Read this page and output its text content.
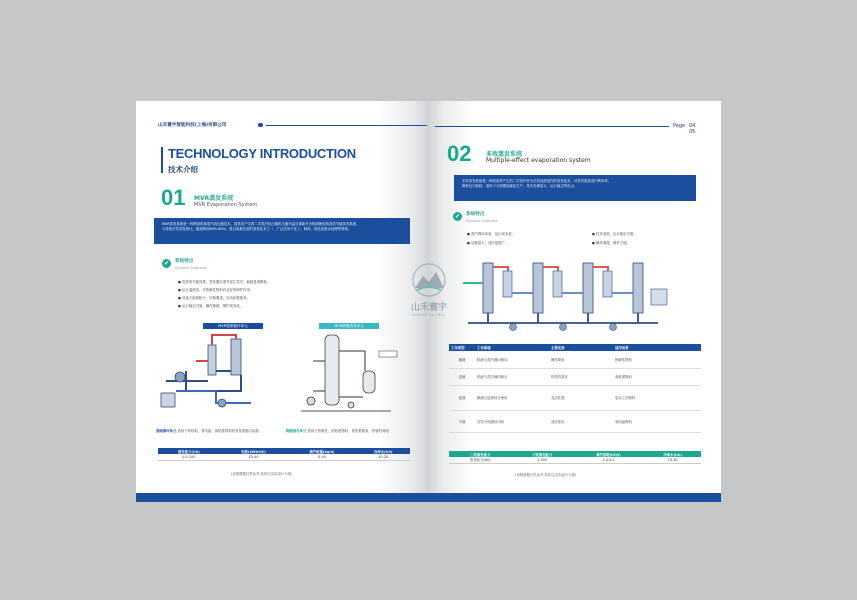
山禾寰宇智能科技(上海)有限公司
TECHNOLOGY INTRODUCTION
技术介绍
01 MVR蒸发系统
MVR Evaporation System
MVR蒸发系统是一种利用机械蒸汽再压缩技术，将蒸发产生的二次蒸汽经压缩机压缩升温后重新作为热源使用的高效节能蒸发系统，
与传统多效蒸发相比，能耗降低60%-80%，是目前最先进的蒸发技术之一，广泛应用于化工、制药、食品及废水处理等领域。
✔	系统特点
System Features
● 优异的节能效果，蒸发器无需外加生蒸汽，能耗显著降低；
● 运行温度低，对热敏性物料有良好的保护作用；
● 设备占地面积小，结构紧凑，自动化程度高；
● 运行稳定可靠，操作简便，维护成本低。
MVR强制循环单元	MVR降膜蒸发单元
强制循环单元 适用于易结垢、易结晶、高粘度物料的蒸发浓缩与结晶	降膜蒸发单元 适用于热敏性、低粘度物料，传热系数高，停留时间短
蒸发能力(t/h)	电耗(kWh/t水)	蒸汽耗量(kg/h)	冷却水(t/h)
0.5-100	15-40	0-50	10-20
(表格数据仅供参考,具体以实际设计为准)
Page 04
05
02 多效蒸发系统
Multiple-effect evaporation system
多效蒸发系统是一种将前效产生的二次蒸汽作为后效加热蒸汽的蒸发技术，可有效提高蒸汽利用率，
降低运行能耗，适用于大规模连续化生产，具有处理量大、运行稳定等优点。
✔	系统特点
System Features
● 蒸汽利用率高，运行成本低；
● 处理量大，适应范围广；
● 技术成熟，运行稳定可靠；
● 操作简便，维护方便。
工作类型	工作原理	主要优势	适用场景
顺流	料液与蒸汽流向相同	操作简单	热敏性物料
逆流	料液与蒸汽流向相反	传热效果好	高粘度物料
混流	顺流与逆流结合使用	灵活性强	复杂工况物料
平流	各效分别进料出料	适应性好	易结晶物料
二效蒸发能力	三效蒸发能力	蒸汽消耗(t/t水)	冷却水(t/h)
蒸发能力(t/h)	1-300	0.3-0.5	15-30
(表格数据仅供参考,具体以实际设计为准)
山禾寰宇
SANHE GLOBAL
